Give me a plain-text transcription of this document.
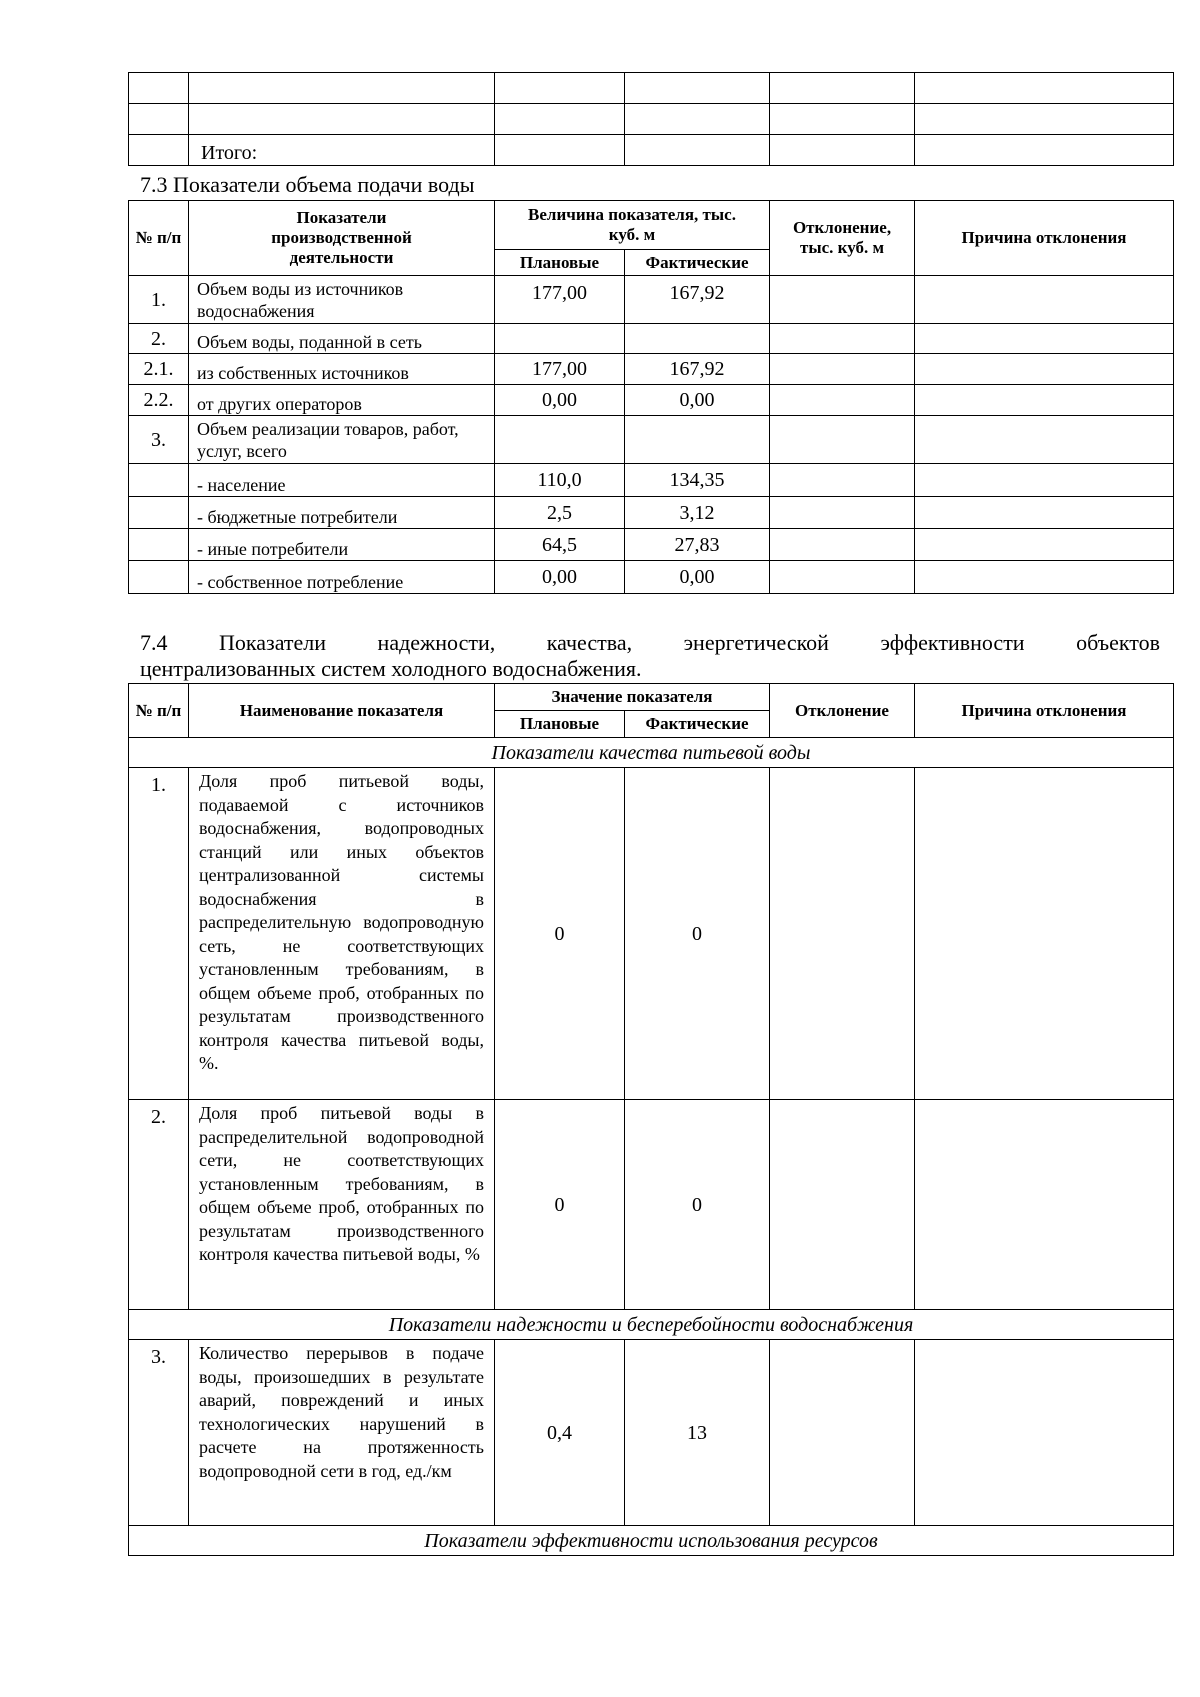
	Итого:				
7.3 Показатели объема подачи воды
№ п/п	Показатели производственной деятельности	Величина показателя, тыс. куб. м		Отклонение, тыс. куб. м	Причина отклонения
		Плановые	Фактические		
1.	Объем воды из источников водоснабжения	177,00	167,92		
2.	Объем воды, поданной в сеть				
2.1.	из собственных источников	177,00	167,92		
2.2.	от других операторов	0,00	0,00		
3.	Объем реализации товаров, работ, услуг, всего				
	- население	110,0	134,35		
	- бюджетные потребители	2,5	3,12		
	- иные потребители	64,5	27,83		
	- собственное потребление	0,00	0,00		
7.4 Показатели надежности, качества, энергетической эффективности объектов
централизованных систем холодного водоснабжения.
№ п/п	Наименование показателя	Значение показателя		Отклонение	Причина отклонения
		Плановые	Фактические		
Показатели качества питьевой воды					
1.	Доля проб питьевой воды, подаваемой с источников водоснабжения, водопроводных станций или иных объектов централизованной системы водоснабжения в распределительную водопроводную сеть, не соответствующих установленным требованиям, в общем объеме проб, отобранных по результатам производственного контроля качества питьевой воды, %.	0	0		
2.	Доля проб питьевой воды в распределительной водопроводной сети, не соответствующих установленным требованиям, в общем объеме проб, отобранных по результатам производственного контроля качества питьевой воды, %	0	0		
Показатели надежности и бесперебойности водоснабжения					
3.	Количество перерывов в подаче воды, произошедших в результате аварий, повреждений и иных технологических нарушений в расчете на протяженность водопроводной сети в год, ед./км	0,4	13		
Показатели эффективности использования ресурсов					
